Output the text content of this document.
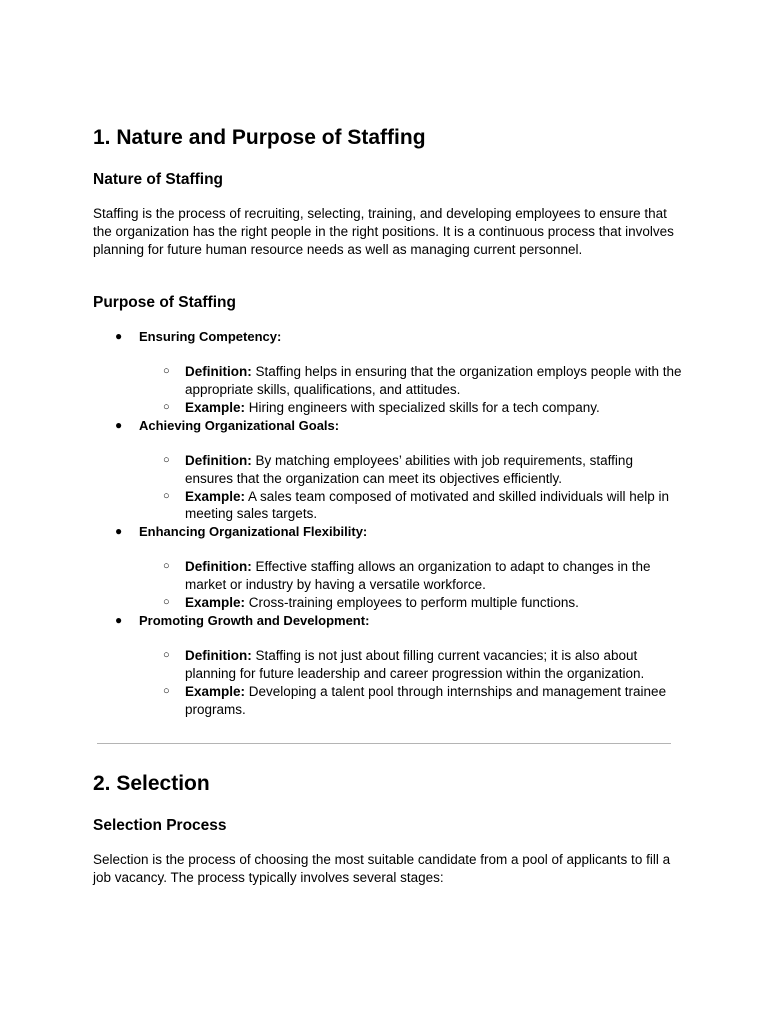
1. Nature and Purpose of Staffing
Nature of Staffing

Staffing is the process of recruiting, selecting, training, and developing employees to ensure that the organization has the right people in the right positions. It is a continuous process that involves planning for future human resource needs as well as managing current personnel.

Purpose of Staffing
● Ensuring Competency:
○ Definition: Staffing helps in ensuring that the organization employs people with the appropriate skills, qualifications, and attitudes.
○ Example: Hiring engineers with specialized skills for a tech company.
● Achieving Organizational Goals:
○ Definition: By matching employees’ abilities with job requirements, staffing ensures that the organization can meet its objectives efficiently.
○ Example: A sales team composed of motivated and skilled individuals will help in meeting sales targets.
● Enhancing Organizational Flexibility:
○ Definition: Effective staffing allows an organization to adapt to changes in the market or industry by having a versatile workforce.
○ Example: Cross-training employees to perform multiple functions.
● Promoting Growth and Development:
○ Definition: Staffing is not just about filling current vacancies; it is also about planning for future leadership and career progression within the organization.
○ Example: Developing a talent pool through internships and management trainee programs.
2. Selection
Selection Process

Selection is the process of choosing the most suitable candidate from a pool of applicants to fill a job vacancy. The process typically involves several stages:
